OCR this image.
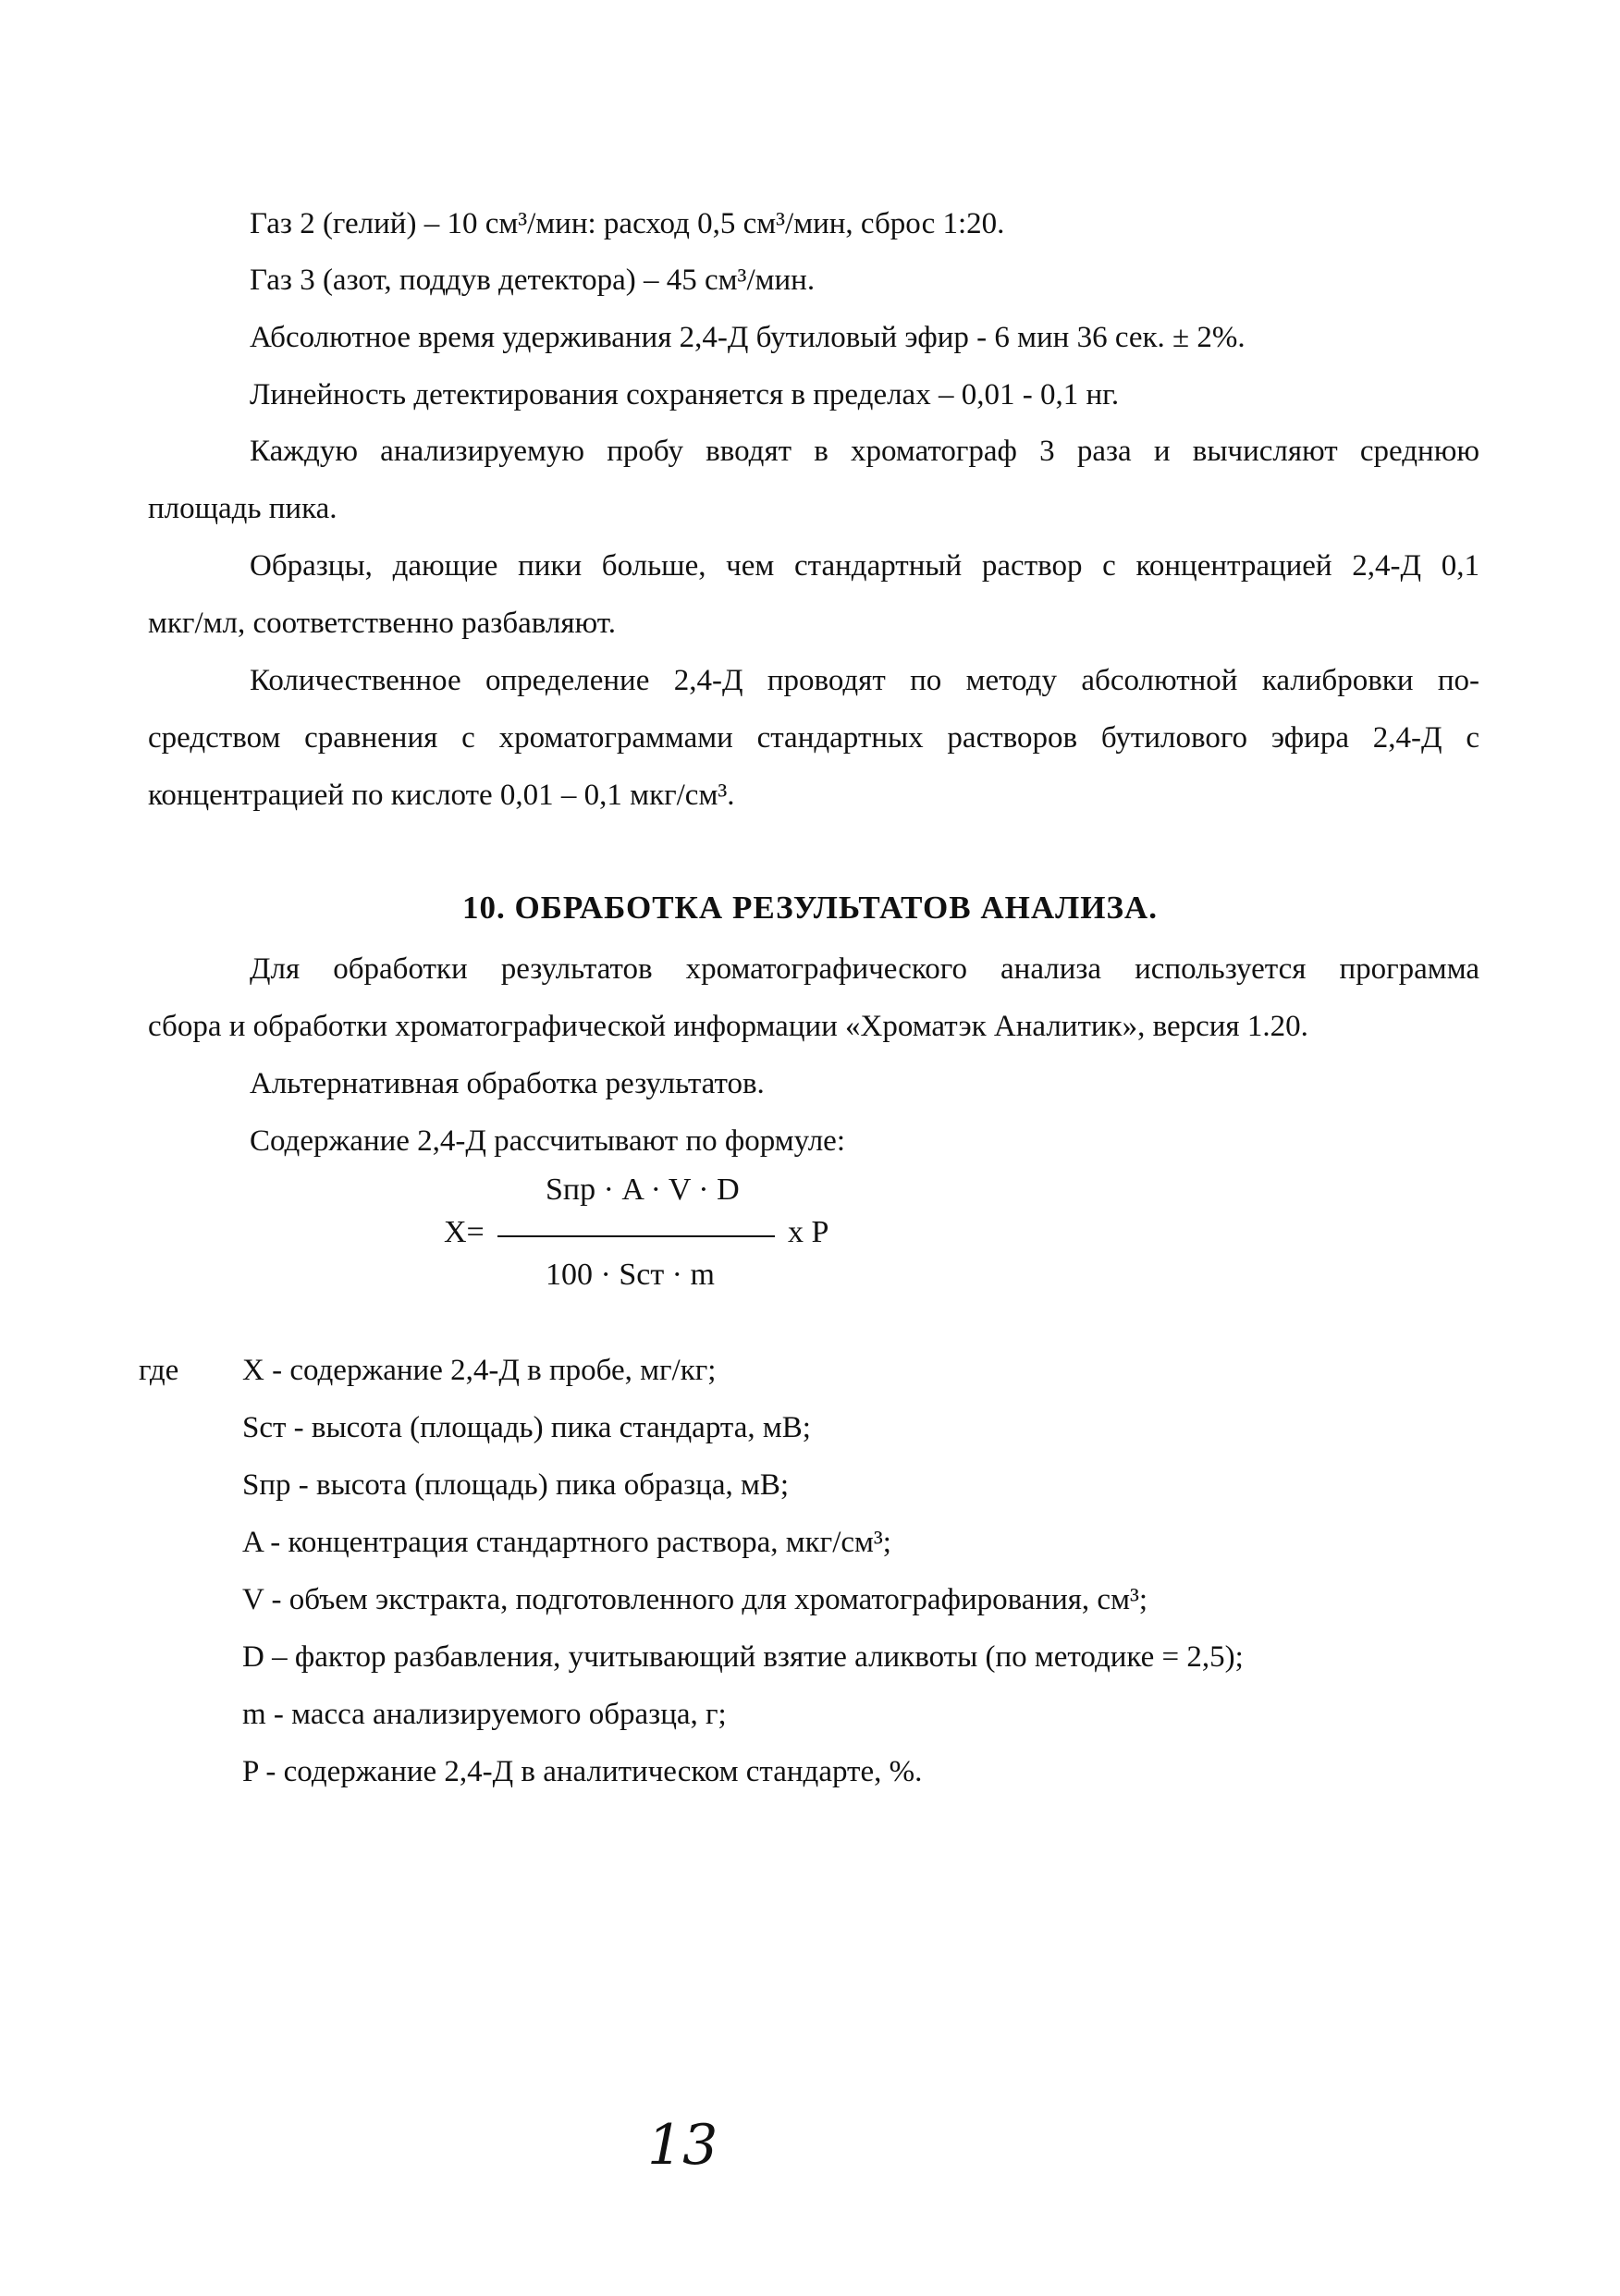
Газ 2 (гелий) – 10 см³/мин: расход 0,5 см³/мин, сброс 1:20.
Газ 3 (азот, поддув детектора) – 45 см³/мин.
Абсолютное время удерживания 2,4-Д бутиловый эфир - 6 мин 36 сек. ± 2%.
Линейность детектирования сохраняется в пределах – 0,01 - 0,1 нг.
Каждую анализируемую пробу вводят в хроматограф 3 раза и вычисляют среднюю
площадь пика.
Образцы, дающие пики больше, чем стандартный раствор с концентрацией 2,4-Д 0,1
мкг/мл, соответственно разбавляют.
Количественное определение 2,4-Д проводят по методу абсолютной калибровки по-
средством сравнения с хроматограммами стандартных растворов бутилового эфира 2,4-Д с
концентрацией по кислоте 0,01 – 0,1 мкг/см³.
10. ОБРАБОТКА РЕЗУЛЬТАТОВ АНАЛИЗА.
Для обработки результатов хроматографического анализа используется программа
сбора и обработки хроматографической информации «Хроматэк Аналитик», версия 1.20.
Альтернативная обработка результатов.
Содержание 2,4-Д рассчитывают по формуле:
Sпр · A · V · D
X=	x P
100 · Sст · m
где X - содержание 2,4-Д в пробе, мг/кг;
Sст - высота (площадь) пика стандарта, мВ;
Sпр - высота (площадь) пика образца, мВ;
A - концентрация стандартного раствора, мкг/см³;
V - объем экстракта, подготовленного для хроматографирования, см³;
D – фактор разбавления, учитывающий взятие аликвоты (по методике = 2,5);
m - масса анализируемого образца, г;
P - содержание 2,4-Д в аналитическом стандарте, %.
13
